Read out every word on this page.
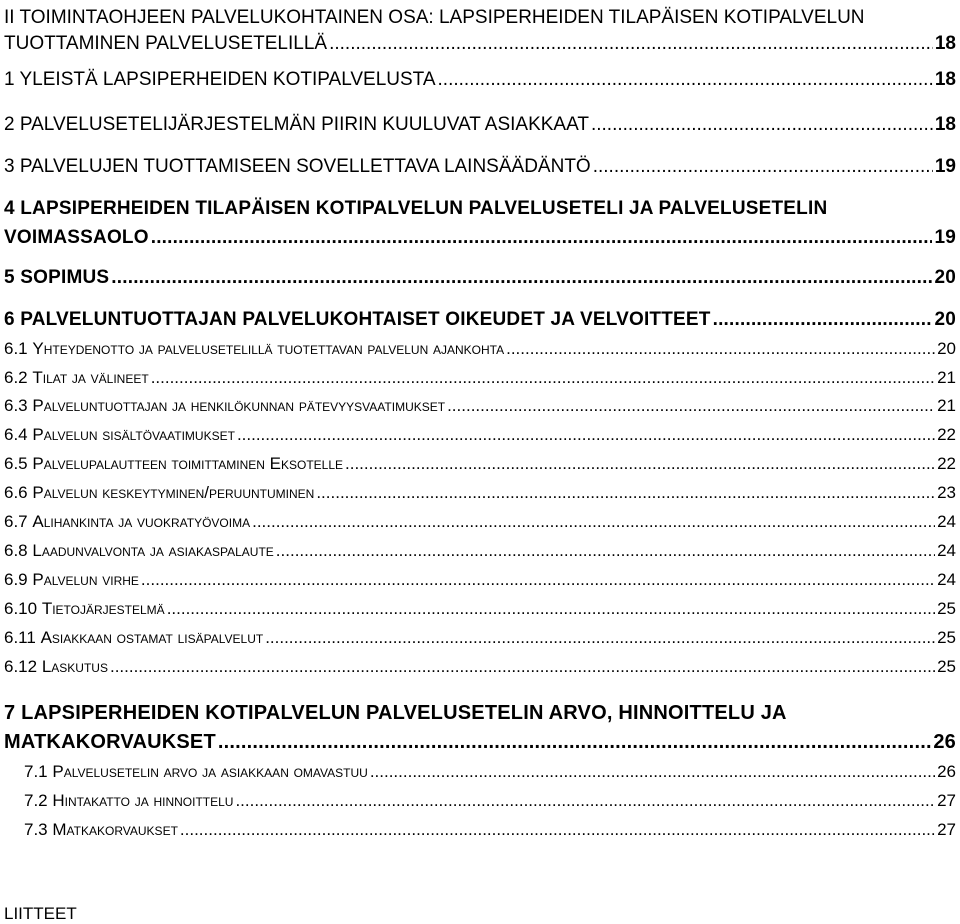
II TOIMINTAOHJEEN PALVELUKOHTAINEN OSA: LAPSIPERHEIDEN TILAPÄISEN KOTIPALVELUN
TUOTTAMINEN PALVELUSETELILLÄ .....	18
1 YLEISTÄ LAPSIPERHEIDEN KOTIPALVELUSTA .....	18
2 PALVELUSETELIJÄRJESTELMÄN PIIRIN KUULUVAT ASIAKKAAT .....	18
3 PALVELUJEN TUOTTAMISEEN SOVELLETTAVA LAINSÄÄDÄNTÖ .....	19
4 LAPSIPERHEIDEN TILAPÄISEN KOTIPALVELUN PALVELUSETELI JA PALVELUSETELIN
VOIMASSAOLO .....	19
5 SOPIMUS .....	20
6 PALVELUNTUOTTAJAN PALVELUKOHTAISET OIKEUDET JA VELVOITTEET .....	20
6.1 Yhteydenotto ja palvelusetelillä tuotettavan palvelun ajankohta .....	20
6.2 Tilat ja välineet .....	21
6.3 Palveluntuottajan ja henkilökunnan pätevyysvaatimukset .....	21
6.4 Palvelun sisältövaatimukset .....	22
6.5 Palvelupalautteen toimittaminen Eksotelle .....	22
6.6 Palvelun keskeytyminen/peruuntuminen .....	23
6.7 Alihankinta ja vuokratyövoima .....	24
6.8 Laadunvalvonta ja asiakaspalaute .....	24
6.9 Palvelun virhe .....	24
6.10 Tietojärjestelmä .....	25
6.11 Asiakkaan ostamat lisäpalvelut .....	25
6.12 Laskutus .....	25
7 LAPSIPERHEIDEN KOTIPALVELUN PALVELUSETELIN ARVO, HINNOITTELU JA
MATKAKORVAUKSET .....	26
7.1 Palvelusetelin arvo ja asiakkaan omavastuu .....	26
7.2 Hintakatto ja hinnoittelu .....	27
7.3 Matkakorvaukset .....	27
LIITTEET
